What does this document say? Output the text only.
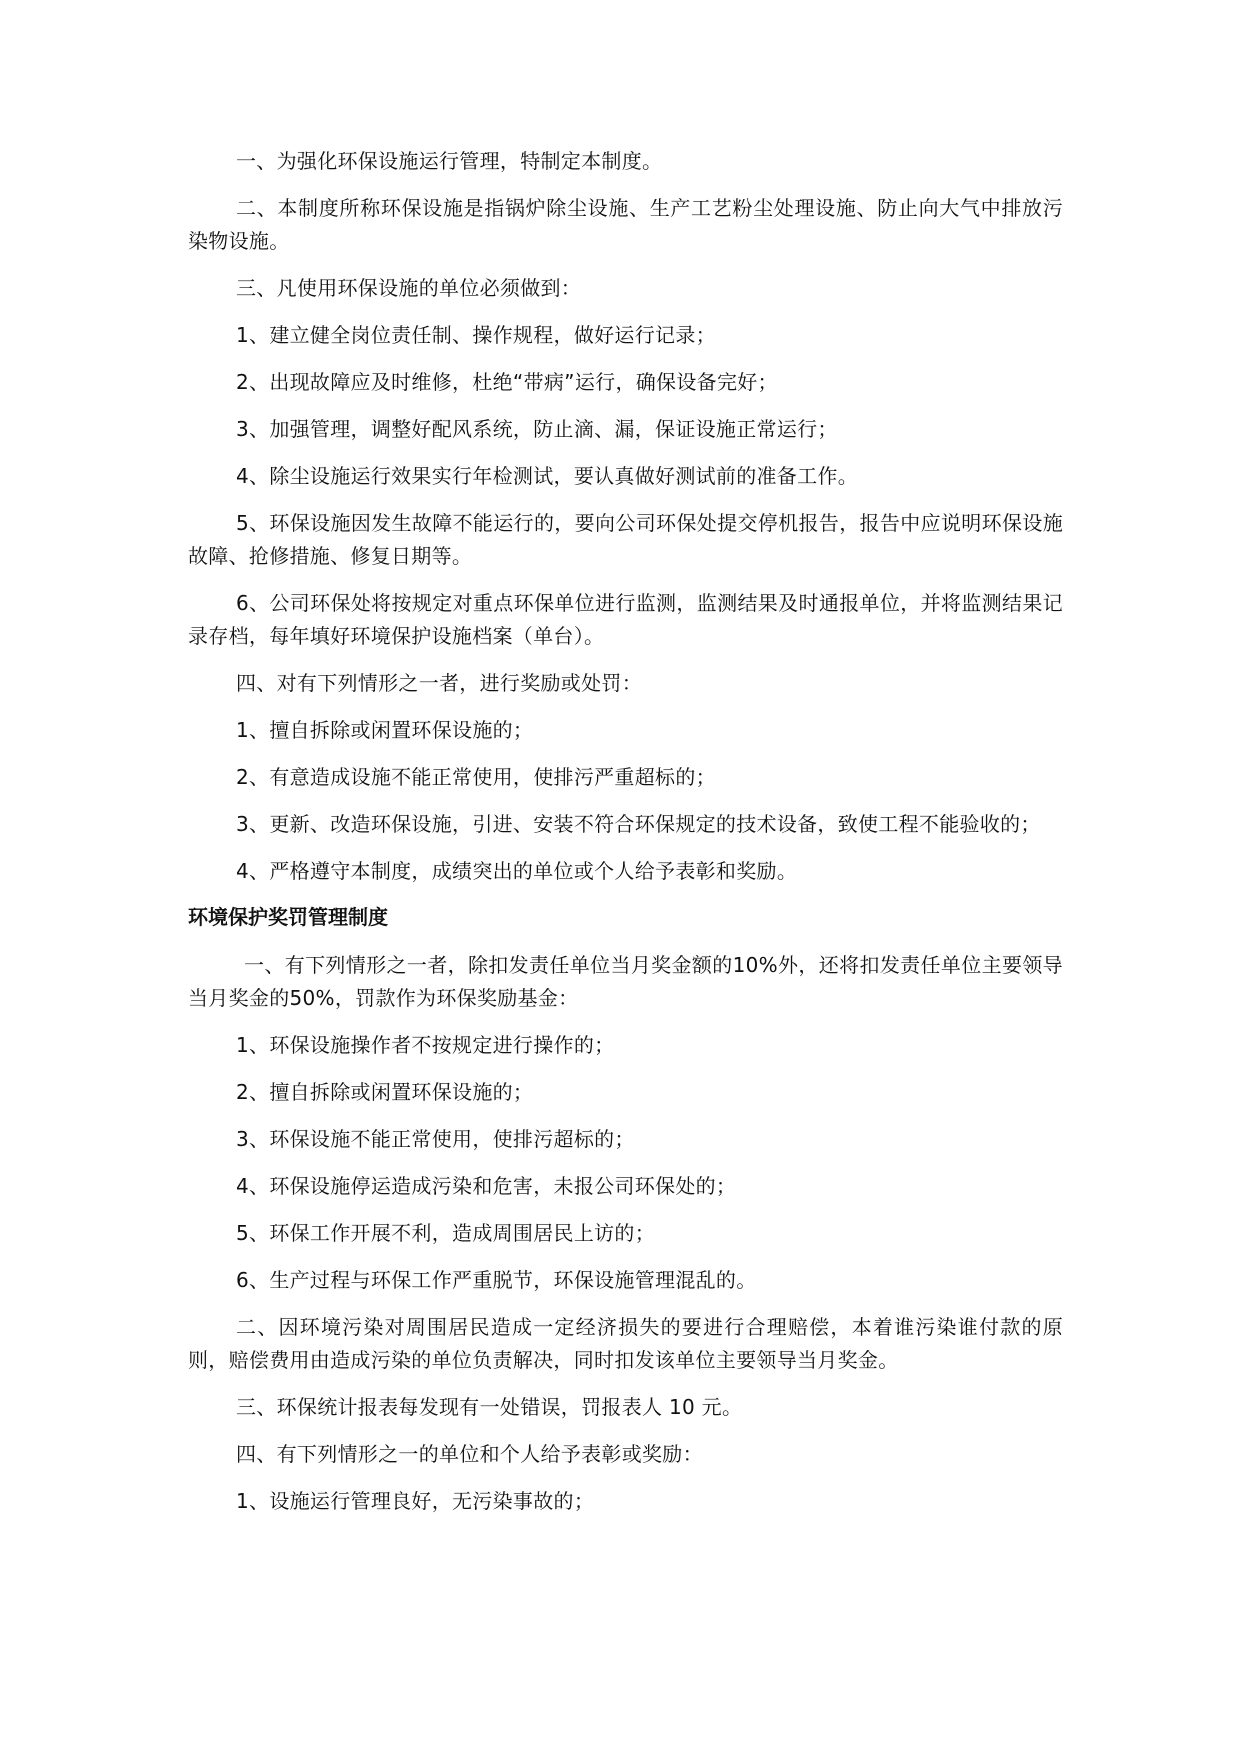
一、为强化环保设施运行管理，特制定本制度。

二、本制度所称环保设施是指锅炉除尘设施、生产工艺粉尘处理设施、防止向大气中排放污染物设施。

三、凡使用环保设施的单位必须做到：

1、建立健全岗位责任制、操作规程，做好运行记录；

2、出现故障应及时维修，杜绝“带病”运行，确保设备完好；

3、加强管理，调整好配风系统，防止滴、漏，保证设施正常运行；

4、除尘设施运行效果实行年检测试，要认真做好测试前的准备工作。

5、环保设施因发生故障不能运行的，要向公司环保处提交停机报告，报告中应说明环保设施故障、抢修措施、修复日期等。

6、公司环保处将按规定对重点环保单位进行监测，监测结果及时通报单位，并将监测结果记录存档，每年填好环境保护设施档案（单台）。

四、对有下列情形之一者，进行奖励或处罚：

1、擅自拆除或闲置环保设施的；

2、有意造成设施不能正常使用，使排污严重超标的；

3、更新、改造环保设施，引进、安装不符合环保规定的技术设备，致使工程不能验收的；

4、严格遵守本制度，成绩突出的单位或个人给予表彰和奖励。

环境保护奖罚管理制度

一、有下列情形之一者，除扣发责任单位当月奖金额的10%外，还将扣发责任单位主要领导当月奖金的50%，罚款作为环保奖励基金：

1、环保设施操作者不按规定进行操作的；

2、擅自拆除或闲置环保设施的；

3、环保设施不能正常使用，使排污超标的；

4、环保设施停运造成污染和危害，未报公司环保处的；

5、环保工作开展不利，造成周围居民上访的；

6、生产过程与环保工作严重脱节，环保设施管理混乱的。

二、因环境污染对周围居民造成一定经济损失的要进行合理赔偿，本着谁污染谁付款的原则，赔偿费用由造成污染的单位负责解决，同时扣发该单位主要领导当月奖金。

三、环保统计报表每发现有一处错误，罚报表人 10 元。

四、有下列情形之一的单位和个人给予表彰或奖励：

1、设施运行管理良好，无污染事故的；
